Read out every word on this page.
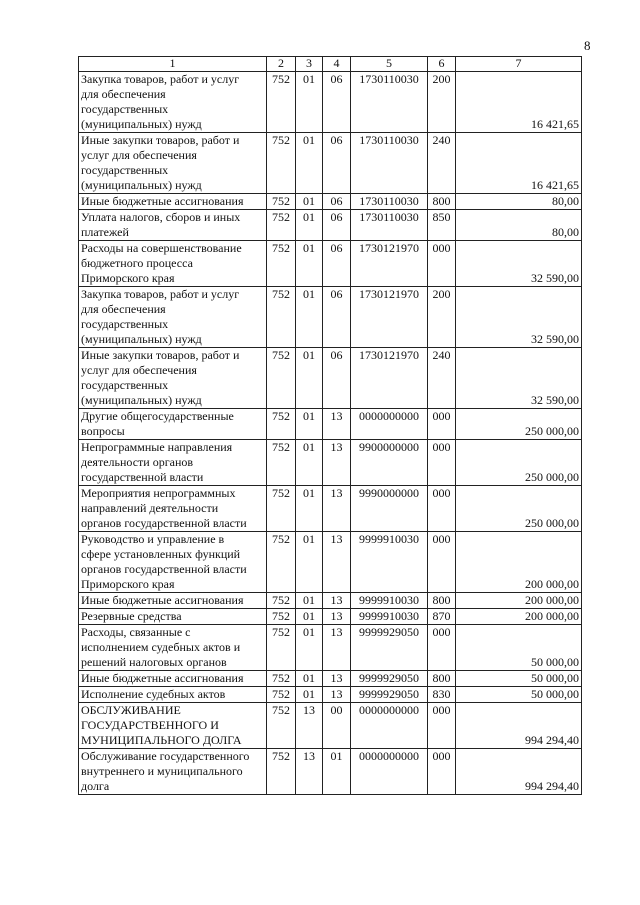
8
1	2	3	4	5	6	7
Закупка товаров, работ и услуг
для обеспечения
государственных
(муниципальных) нужд	752	01	06	1730110030	200	16 421,65
Иные закупки товаров, работ и
услуг для обеспечения
государственных
(муниципальных) нужд	752	01	06	1730110030	240	16 421,65
Иные бюджетные ассигнования	752	01	06	1730110030	800	80,00
Уплата налогов, сборов и иных
платежей	752	01	06	1730110030	850	80,00
Расходы на совершенствование
бюджетного процесса
Приморского края	752	01	06	1730121970	000	32 590,00
Закупка товаров, работ и услуг
для обеспечения
государственных
(муниципальных) нужд	752	01	06	1730121970	200	32 590,00
Иные закупки товаров, работ и
услуг для обеспечения
государственных
(муниципальных) нужд	752	01	06	1730121970	240	32 590,00
Другие общегосударственные
вопросы	752	01	13	0000000000	000	250 000,00
Непрограммные направления
деятельности органов
государственной власти	752	01	13	9900000000	000	250 000,00
Мероприятия непрограммных
направлений деятельности
органов государственной власти	752	01	13	9990000000	000	250 000,00
Руководство и управление в
сфере установленных функций
органов государственной власти
Приморского края	752	01	13	9999910030	000	200 000,00
Иные бюджетные ассигнования	752	01	13	9999910030	800	200 000,00
Резервные средства	752	01	13	9999910030	870	200 000,00
Расходы, связанные с
исполнением судебных актов и
решений налоговых органов	752	01	13	9999929050	000	50 000,00
Иные бюджетные ассигнования	752	01	13	9999929050	800	50 000,00
Исполнение судебных актов	752	01	13	9999929050	830	50 000,00
ОБСЛУЖИВАНИЕ
ГОСУДАРСТВЕННОГО И
МУНИЦИПАЛЬНОГО ДОЛГА	752	13	00	0000000000	000	994 294,40
Обслуживание государственного
внутреннего и муниципального
долга	752	13	01	0000000000	000	994 294,40
